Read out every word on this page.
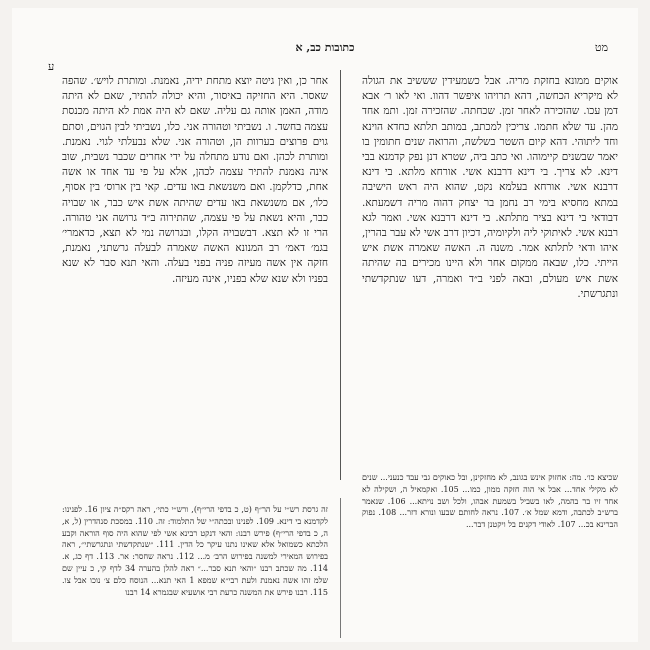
מט
כתובות כב, א
ע

אוקים ממונא בחזקת מריה. אבל כשמעידין שששיב את הגולה לא מיקריא הכחשה, דהא תרויהו איפשר דהוו. ואי לאו ר׳ אבא דמן עכו. שהזכירה לאחר זמן. שכחתה. שהזכירה זמן. ותמ אחד מהן. עד שלא חתמו. צריכין למכתב, במותב תלתא כחדא הוינא וחד ליתוהי. דהא קיום השטר בשלשה, והרואה שנים חתומין בו יאמר שבשנים קיימוהו. ואי כתב ביה, שטרא דנן נפק קדמנא בבי דינא. לא צריך. בי דינא דרבנא אשי. אורחא מלתא. בי דינא דרבנא אשי. אורחא בעלמא נקט, שהוא היה ראש הישיבה במתא מחסיא בימי רב נחמן בר יצחק דהוה מריה דשמעתא. דבודאי בי דינא בציר מתלתא. בי דינא דרבנא אשי. ואמר לגא רבנא אשי. לאיתוקי ליה ולקיומיה, דכיון דרב אשי לא עבר בהרין, איהו ודאי לתלתא אמר. משנה ה. האשה שאמרה אשת איש הייתי. כלו, שבאה ממקום אחר ולא היינו מכירים בה שהיתה אשת איש מעולם, ובאה לפני ב״ד ואמרה, דעו שנתקדשתי ונתגרשתי.

אחר כן, ואין גיטה יוצא מתחת ידיה, נאמנת. ומותרת לויש׳. שהפה שאסר. היא החזיקה באיסור, והיא יכולה להתיר, שאם לא היתה מודה, האמן אותה גם עליה. שאם לא היה אמת לא היתה מכנסת עצמה בחשד. ו. נשביתי וטהורה אני. כלו, נשביתי לבין הגוים, וסתם גוים פרוצים בערוות הן, וטהורה אני. שלא נבעלתי לגוי. נאמנת. ומותרת לכהן. ואם נודע מתחלה על ידי אחרים שכבר נשבית, שוב אינה נאמנת להתיר עצמה לכהן, אלא על פי עד אחד או אשה אחת, כדלקמן. ואם משנשאת באו עדים. קאי בין ארוס׳ בין אסוף, כלו׳, אם משנשאת באו עדים שהיתה אשת איש כבר, או שבויה כבר, והיא נשאת על פי עצמה, שהתירוה ב״ד גרושה אני טהורה. הרי זו לא תצא. דבשבויה הקלו, ובגרושה נמי לא תצא, כדאמרי׳ בגמ׳ דאמ׳ רב המנונא האשה שאמרה לבעלה גרשתני, נאמנת, חזקה אין אשה מעיזה פניה בפני בעלה. והאי תנא סבר לא שנא בפניו ולא שנא שלא בפניו, אינה מעיזה.

שכיצא כו׳. מה: אחזוק אינש בגונב, לא מחזקינן, ובל כאוקים גבי עבד כנעני... שנים לא מקילי אחד... אבל אי הוה חזקה ממון, כמו... 105. ואקמאיל ה, ושקילה לא אחד זיו בר בהמה, לאו בשביל בשמעת אבהו, ולכל ושב נויתא... 106. שנאמר ברש״ב לכתבה, ודמא שמל א׳. 107. נראה לחותם שבעו ונורא דזר... 108. נפוק הברינא בכ... 107. לאודי דקנים בל ויקטנן דבר...

זה גרסת רש״י על הר״ף (ט, כ בדפי הרי״ף), ורש״י כתי׳, ראה רקס״ה ציון 16. לפנינו: לקדמנא בי דינא. 109. לפנינו ובכתה״י של התלמוד: זה. 110. במסכת סנהדרין (ל, א, ה, כ בדפי הרי״ף) פירש רבנו: והאי דנקט רבינא אשי לפי שהוא היה סוף הוראה וקבע הלכתא כשמואל אלא שאינו נתנו עיקר כל הדין. 111. ״שנתקדשתי ונתגרשתי״, ראה בפירוש המאירי למשנה בפירוש הרב׳ מ... 112. נראה שחסר: אר. 113. דף כג, א. 114. מה שכתב רבנו ״והאי תנא סבר...״ ראה להלן בהערה 34 לדף קי, כ עיין שם שלמ זהו אשה נאמנת ולעת רבי״א שמפא 1 האי תנא... הנוסח כלם צ׳ נוכו אבל צו. 115. רבנו פירש את המשנה כרעת רבי אושעיא שבגמרא 14 רבנו
